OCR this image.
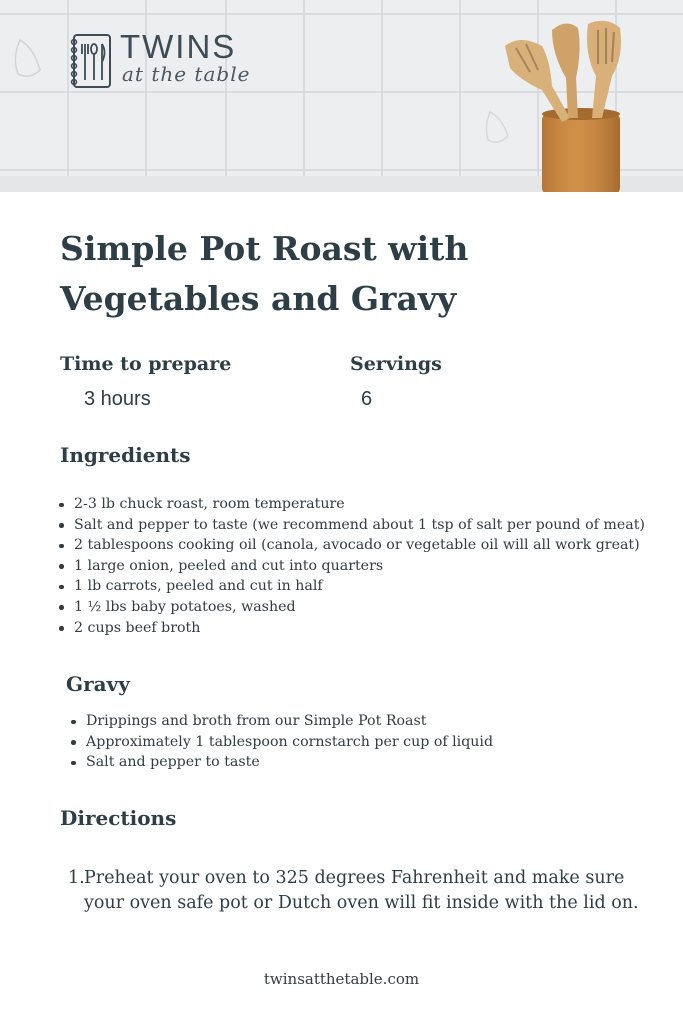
TWINS
at the table
Simple Pot Roast with Vegetables and Gravy
Time to prepare
3 hours
Servings
6
Ingredients
2-3 lb chuck roast, room temperature
Salt and pepper to taste (we recommend about 1 tsp of salt per pound of meat)
2 tablespoons cooking oil (canola, avocado or vegetable oil will all work great)
1 large onion, peeled and cut into quarters
1 lb carrots, peeled and cut in half
1 ½ lbs baby potatoes, washed
2 cups beef broth
Gravy
Drippings and broth from our Simple Pot Roast
Approximately 1 tablespoon cornstarch per cup of liquid
Salt and pepper to taste
Directions
1. Preheat your oven to 325 degrees Fahrenheit and make sure your oven safe pot or Dutch oven will fit inside with the lid on.
twinsatthetable.com
